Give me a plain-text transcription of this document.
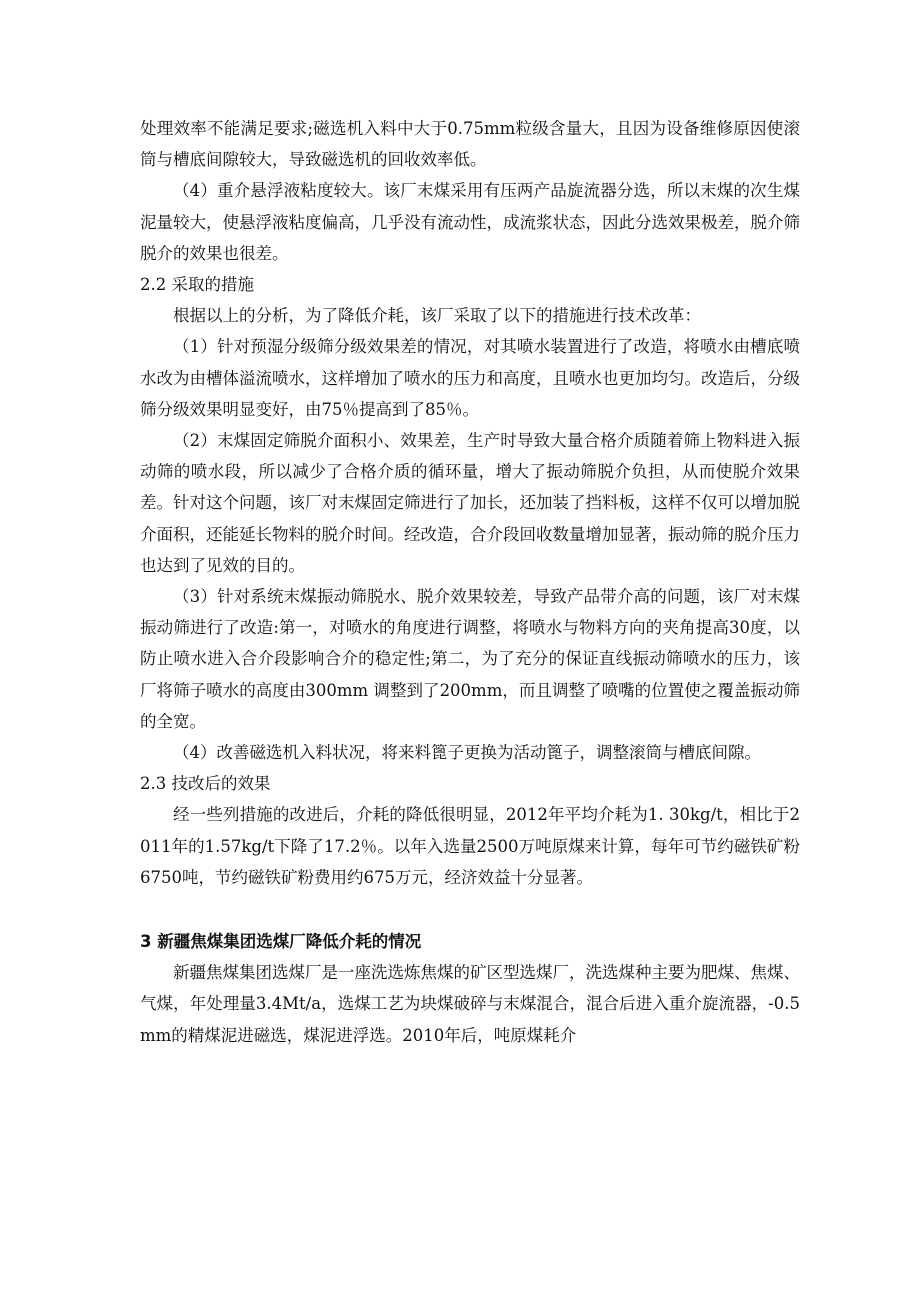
处理效率不能满足要求;磁选机入料中大于0.75mm粒级含量大，且因为设备维修原因使滚筒与槽底间隙较大，导致磁选机的回收效率低。

（4）重介悬浮液粘度较大。该厂末煤采用有压两产品旋流器分选，所以末煤的次生煤泥量较大，使悬浮液粘度偏高，几乎没有流动性，成流浆状态，因此分选效果极差，脱介筛脱介的效果也很差。

2.2 采取的措施

根据以上的分析，为了降低介耗，该厂采取了以下的措施进行技术改革：

（1）针对预湿分级筛分级效果差的情况，对其喷水装置进行了改造，将喷水由槽底喷水改为由槽体溢流喷水，这样增加了喷水的压力和高度，且喷水也更加均匀。改造后，分级筛分级效果明显变好，由75％提高到了85％。

（2）末煤固定筛脱介面积小、效果差，生产时导致大量合格介质随着筛上物料进入振动筛的喷水段，所以减少了合格介质的循环量，增大了振动筛脱介负担，从而使脱介效果差。针对这个问题，该厂对末煤固定筛进行了加长，还加装了挡料板，这样不仅可以增加脱介面积，还能延长物料的脱介时间。经改造，合介段回收数量增加显著，振动筛的脱介压力也达到了见效的目的。

（3）针对系统末煤振动筛脱水、脱介效果较差，导致产品带介高的问题，该厂对末煤振动筛进行了改造:第一，对喷水的角度进行调整，将喷水与物料方向的夹角提高30度，以防止喷水进入合介段影响合介的稳定性;第二，为了充分的保证直线振动筛喷水的压力，该厂将筛子喷水的高度由300mm 调整到了200mm，而且调整了喷嘴的位置使之覆盖振动筛的全宽。

（4）改善磁选机入料状况，将来料篦子更换为活动篦子，调整滚筒与槽底间隙。

2.3 技改后的效果

经一些列措施的改进后，介耗的降低很明显，2012年平均介耗为1. 30kg/t，相比于2011年的1.57kg/t下降了17.2％。以年入选量2500万吨原煤来计算，每年可节约磁铁矿粉6750吨，节约磁铁矿粉费用约675万元，经济效益十分显著。

3 新疆焦煤集团选煤厂降低介耗的情况

新疆焦煤集团选煤厂是一座洗选炼焦煤的矿区型选煤厂，洗选煤种主要为肥煤、焦煤、气煤，年处理量3.4Mt/a，选煤工艺为块煤破碎与末煤混合，混合后进入重介旋流器，-0.5mm的精煤泥进磁选，煤泥进浮选。2010年后，吨原煤耗介
